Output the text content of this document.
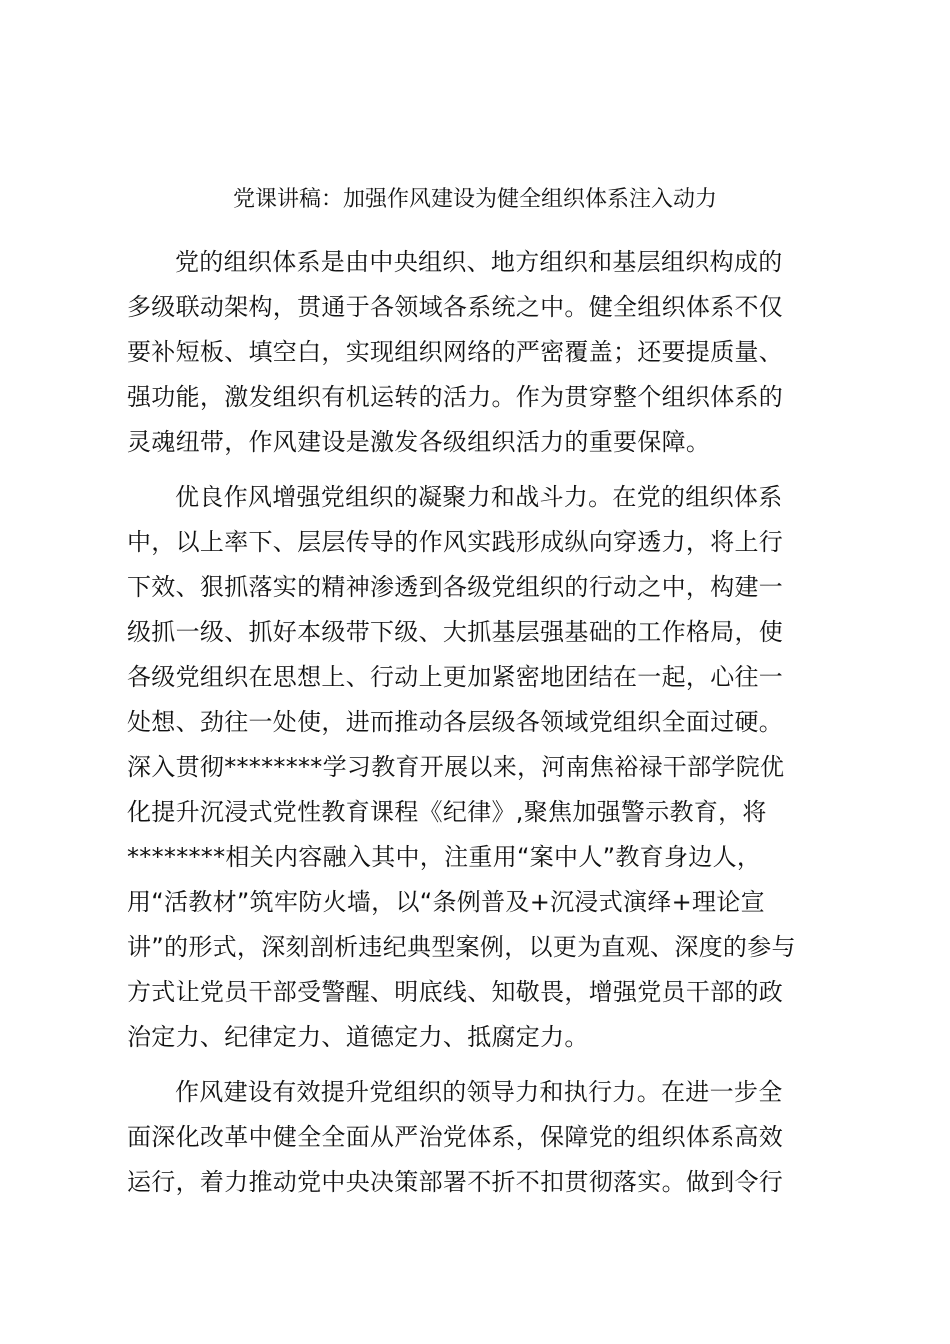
党课讲稿：加强作风建设为健全组织体系注入动力
党的组织体系是由中央组织、地方组织和基层组织构成的
多级联动架构，贯通于各领域各系统之中。健全组织体系不仅
要补短板、填空白，实现组织网络的严密覆盖；还要提质量、
强功能，激发组织有机运转的活力。作为贯穿整个组织体系的
灵魂纽带，作风建设是激发各级组织活力的重要保障。
优良作风增强党组织的凝聚力和战斗力。在党的组织体系
中，以上率下、层层传导的作风实践形成纵向穿透力，将上行
下效、狠抓落实的精神渗透到各级党组织的行动之中，构建一
级抓一级、抓好本级带下级、大抓基层强基础的工作格局，使
各级党组织在思想上、行动上更加紧密地团结在一起，心往一
处想、劲往一处使，进而推动各层级各领域党组织全面过硬。
深入贯彻********学习教育开展以来，河南焦裕禄干部学院优
化提升沉浸式党性教育课程《纪律》,聚焦加强警示教育，将
********相关内容融入其中，注重用“案中人”教育身边人，
用“活教材”筑牢防火墙，以“条例普及+沉浸式演绎+理论宣
讲”的形式，深刻剖析违纪典型案例，以更为直观、深度的参与
方式让党员干部受警醒、明底线、知敬畏，增强党员干部的政
治定力、纪律定力、道德定力、抵腐定力。
作风建设有效提升党组织的领导力和执行力。在进一步全
面深化改革中健全全面从严治党体系，保障党的组织体系高效
运行，着力推动党中央决策部署不折不扣贯彻落实。做到令行
